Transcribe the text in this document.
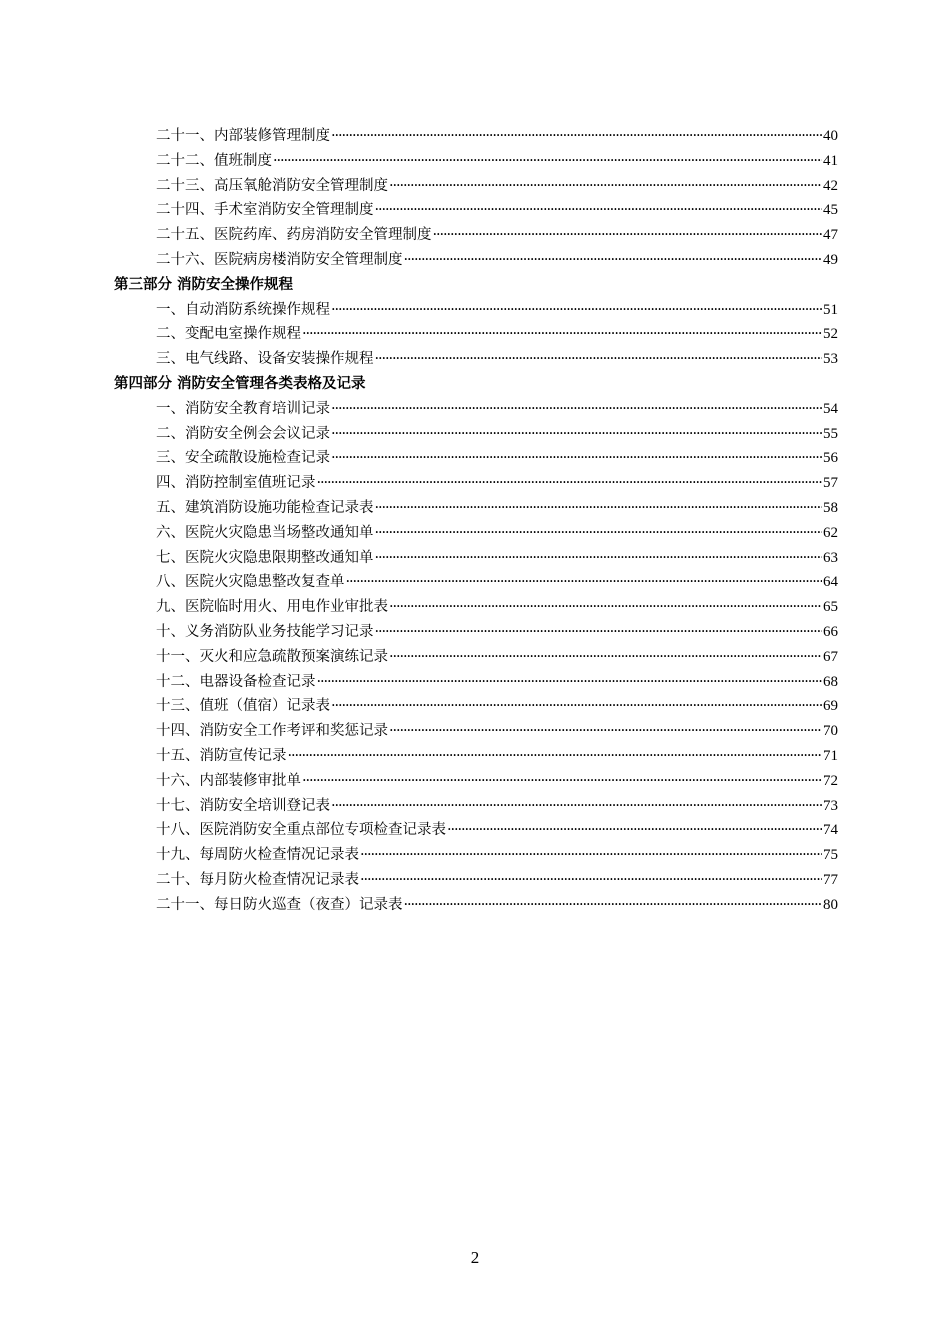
二十一、内部装修管理制度 ·····	40
二十二、值班制度 ·····	41
二十三、高压氧舱消防安全管理制度 ·····	42
二十四、手术室消防安全管理制度 ·····	45
二十五、医院药库、药房消防安全管理制度 ·····	47
二十六、医院病房楼消防安全管理制度 ·····	49
第三部分 消防安全操作规程
一、自动消防系统操作规程 ·····	51
二、变配电室操作规程 ·····	52
三、电气线路、设备安装操作规程 ·····	53
第四部分 消防安全管理各类表格及记录
一、消防安全教育培训记录 ·····	54
二、消防安全例会会议记录 ·····	55
三、安全疏散设施检查记录 ·····	56
四、消防控制室值班记录 ·····	57
五、建筑消防设施功能检查记录表 ·····	58
六、医院火灾隐患当场整改通知单 ·····	62
七、医院火灾隐患限期整改通知单 ·····	63
八、医院火灾隐患整改复查单 ·····	64
九、医院临时用火、用电作业审批表 ·····	65
十、义务消防队业务技能学习记录 ·····	66
十一、灭火和应急疏散预案演练记录 ·····	67
十二、电器设备检查记录 ·····	68
十三、值班（值宿）记录表 ·····	69
十四、消防安全工作考评和奖惩记录 ·····	70
十五、消防宣传记录 ·····	71
十六、内部装修审批单 ·····	72
十七、消防安全培训登记表 ·····	73
十八、医院消防安全重点部位专项检查记录表 ·····	74
十九、每周防火检查情况记录表 ·····	75
二十、每月防火检查情况记录表 ·····	77
二十一、每日防火巡查（夜查）记录表 ·····	80
2
